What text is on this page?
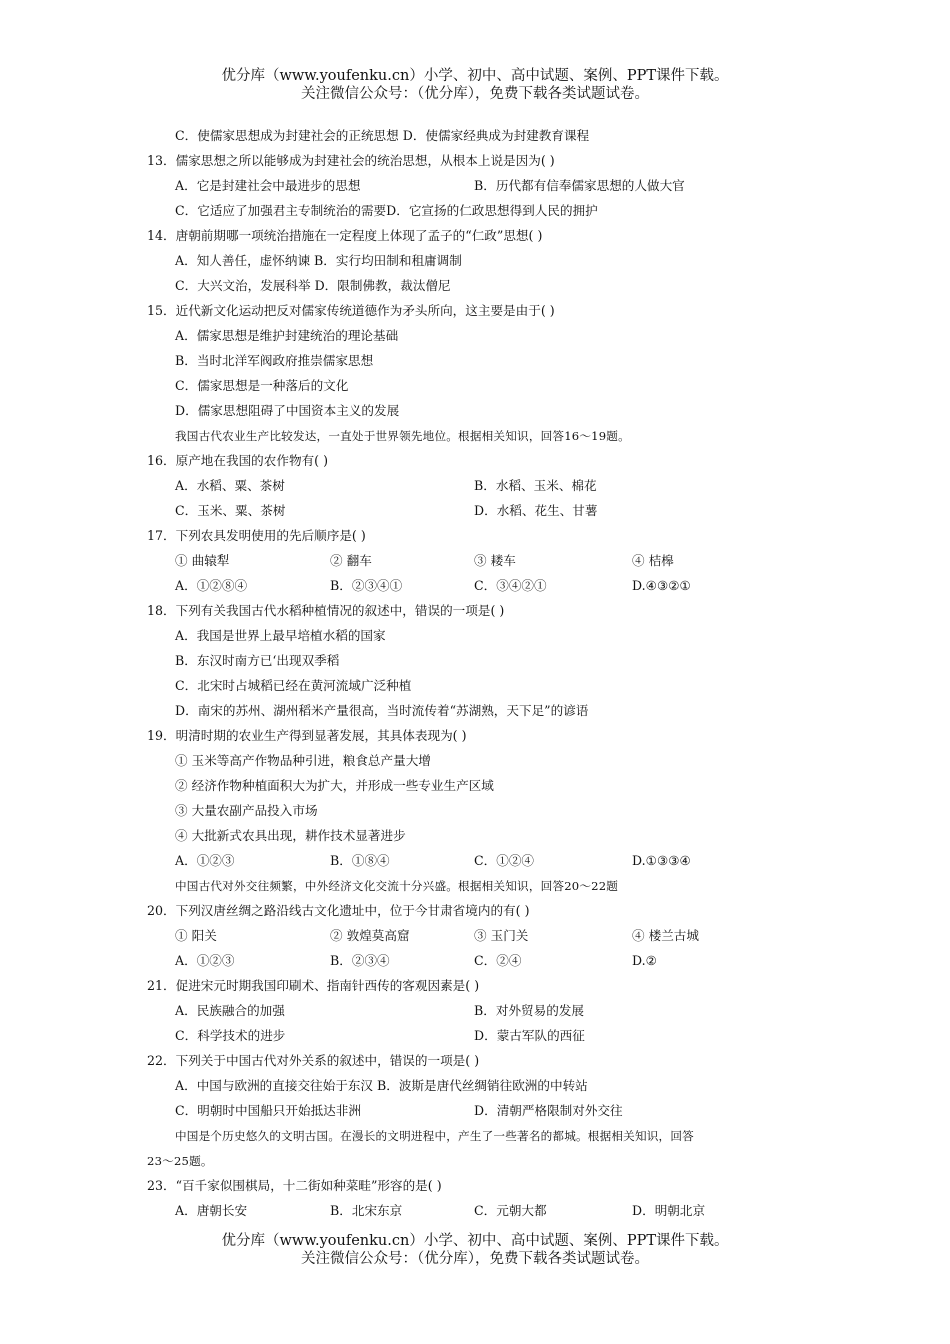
优分库（www.youfenku.cn）小学、初中、高中试题、案例、PPT课件下载。
关注微信公众号：（优分库），免费下载各类试题试卷。
C．使儒家思想成为封建社会的正统思想 D．使儒家经典成为封建教育课程
13．儒家思想之所以能够成为封建社会的统治思想，从根本上说是因为( )
A．它是封建社会中最进步的思想	B．历代都有信奉儒家思想的人做大官
C．它适应了加强君主专制统治的需要D．它宣扬的仁政思想得到人民的拥护
14．唐朝前期哪一项统治措施在一定程度上体现了孟子的“仁政”思想( )
A．知人善任，虚怀纳谏 B．实行均田制和租庸调制
C．大兴文治，发展科举 D．限制佛教，裁汰僧尼
15．近代新文化运动把反对儒家传统道德作为矛头所向，这主要是由于( )
A．儒家思想是维护封建统治的理论基础
B．当时北洋军阀政府推崇儒家思想
C．儒家思想是一种落后的文化
D．儒家思想阻碍了中国资本主义的发展
我国古代农业生产比较发达，一直处于世界领先地位。根据相关知识，回答16～19题。
16．原产地在我国的农作物有( )
A．水稻、粟、茶树	B．水稻、玉米、棉花
C．玉米、粟、茶树	D．水稻、花生、甘薯
17．下列农具发明使用的先后顺序是( )
① 曲辕犁	② 翻车	③ 耧车	④ 桔槔
A．①②⑧④	B．②③④①	C．③④②①	D.④③②①
18．下列有关我国古代水稻种植情况的叙述中，错误的一项是( )
A．我国是世界上最早培植水稻的国家
B．东汉时南方已‘出现双季稻
C．北宋时占城稻已经在黄河流域广泛种植
D．南宋的苏州、湖州稻米产量很高，当时流传着“苏湖熟，天下足”的谚语
19．明清时期的农业生产得到显著发展，其具体表现为( )
① 玉米等高产作物品种引进，粮食总产量大增
② 经济作物种植面积大为扩大，并形成一些专业生产区域
③ 大量农副产品投入市场
④ 大批新式农具出现，耕作技术显著进步
A．①②③	B．①⑧④	C．①②④	D.①③③④
中国古代对外交往频繁，中外经济文化交流十分兴盛。根据相关知识，回答20～22题
20．下列汉唐丝绸之路沿线古文化遗址中，位于今甘肃省境内的有( )
① 阳关	② 敦煌莫高窟	③ 玉门关	④ 楼兰古城
A．①②③	B．②③④	C．②④	D.②
21．促进宋元时期我国印刷术、指南针西传的客观因素是( )
A．民族融合的加强	B．对外贸易的发展
C．科学技术的进步	D．蒙古军队的西征
22．下列关于中国古代对外关系的叙述中，错误的一项是( )
A．中国与欧洲的直接交往始于东汉 B．波斯是唐代丝绸销往欧洲的中转站
C．明朝时中国船只开始抵达非洲	D．清朝严格限制对外交往
中国是个历史悠久的文明古国。在漫长的文明进程中，产生了一些著名的都城。根据相关知识，回答
23～25题。
23．“百千家似围棋局，十二街如种菜畦”形容的是( )
A．唐朝长安	B．北宋东京	C．元朝大都	D．明朝北京
优分库（www.youfenku.cn）小学、初中、高中试题、案例、PPT课件下载。
关注微信公众号：（优分库），免费下载各类试题试卷。
